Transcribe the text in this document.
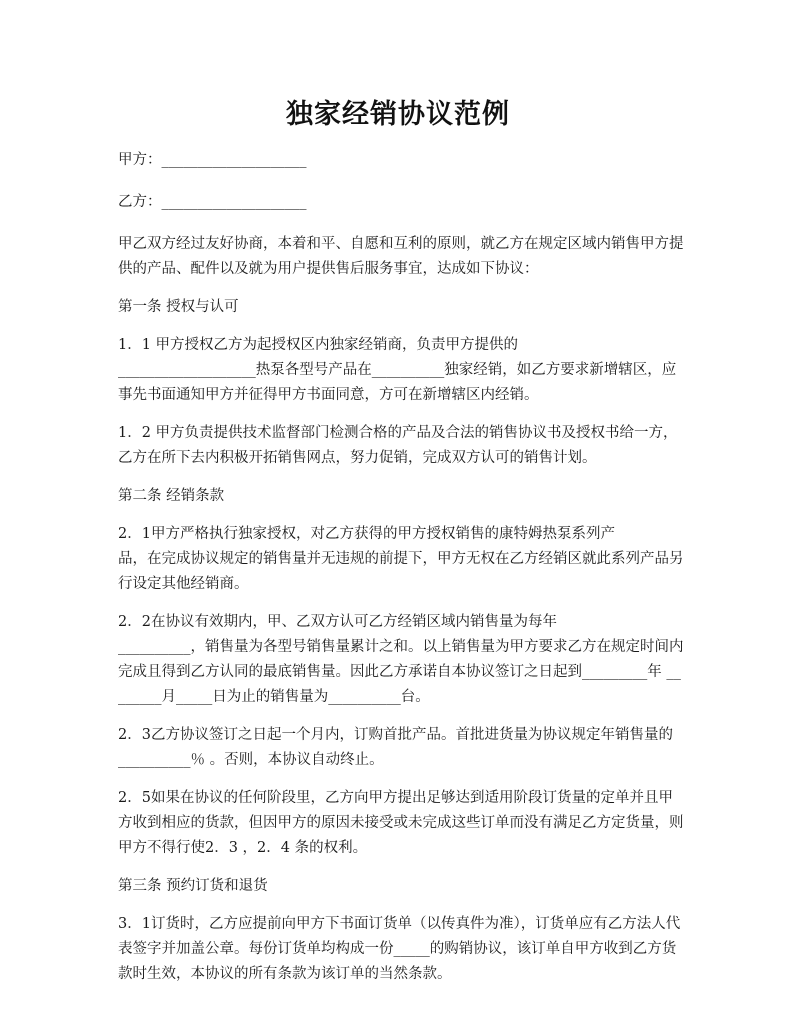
独家经销协议范例

甲方：____________________

乙方：____________________

甲乙双方经过友好协商，本着和平、自愿和互利的原则，就乙方在规定区域内销售甲方提供的产品、配件以及就为用户提供售后服务事宜，达成如下协议：

第一条 授权与认可

1．1 甲方授权乙方为起授权区内独家经销商，负责甲方提供的
___________________热泵各型号产品在__________独家经销，如乙方要求新增辖区，应事先书面通知甲方并征得甲方书面同意，方可在新增辖区内经销。

1．2 甲方负责提供技术监督部门检测合格的产品及合法的销售协议书及授权书给一方，乙方在所下去内积极开拓销售网点，努力促销，完成双方认可的销售计划。

第二条 经销条款

2．1甲方严格执行独家授权，对乙方获得的甲方授权销售的康特姆热泵系列产
品，在完成协议规定的销售量并无违规的前提下，甲方无权在乙方经销区就此系列产品另行设定其他经销商。

2．2在协议有效期内，甲、乙双方认可乙方经销区域内销售量为每年
__________，销售量为各型号销售量累计之和。以上销售量为甲方要求乙方在规定时间内完成且得到乙方认同的最底销售量。因此乙方承诺自本协议签订之日起到_________年 ________月_____日为止的销售量为__________台。

2．3乙方协议签订之日起一个月内，订购首批产品。首批进货量为协议规定年销售量的 __________％ 。否则，本协议自动终止。

2．5如果在协议的任何阶段里，乙方向甲方提出足够达到适用阶段订货量的定单并且甲方收到相应的货款，但因甲方的原因未接受或未完成这些订单而没有满足乙方定货量，则甲方不得行使2．3 ，2．4 条的权利。

第三条 预约订货和退货

3．1订货时，乙方应提前向甲方下书面订货单（以传真件为准），订货单应有乙方法人代表签字并加盖公章。每份订货单均构成一份_____的购销协议，该订单自甲方收到乙方货款时生效，本协议的所有条款为该订单的当然条款。
